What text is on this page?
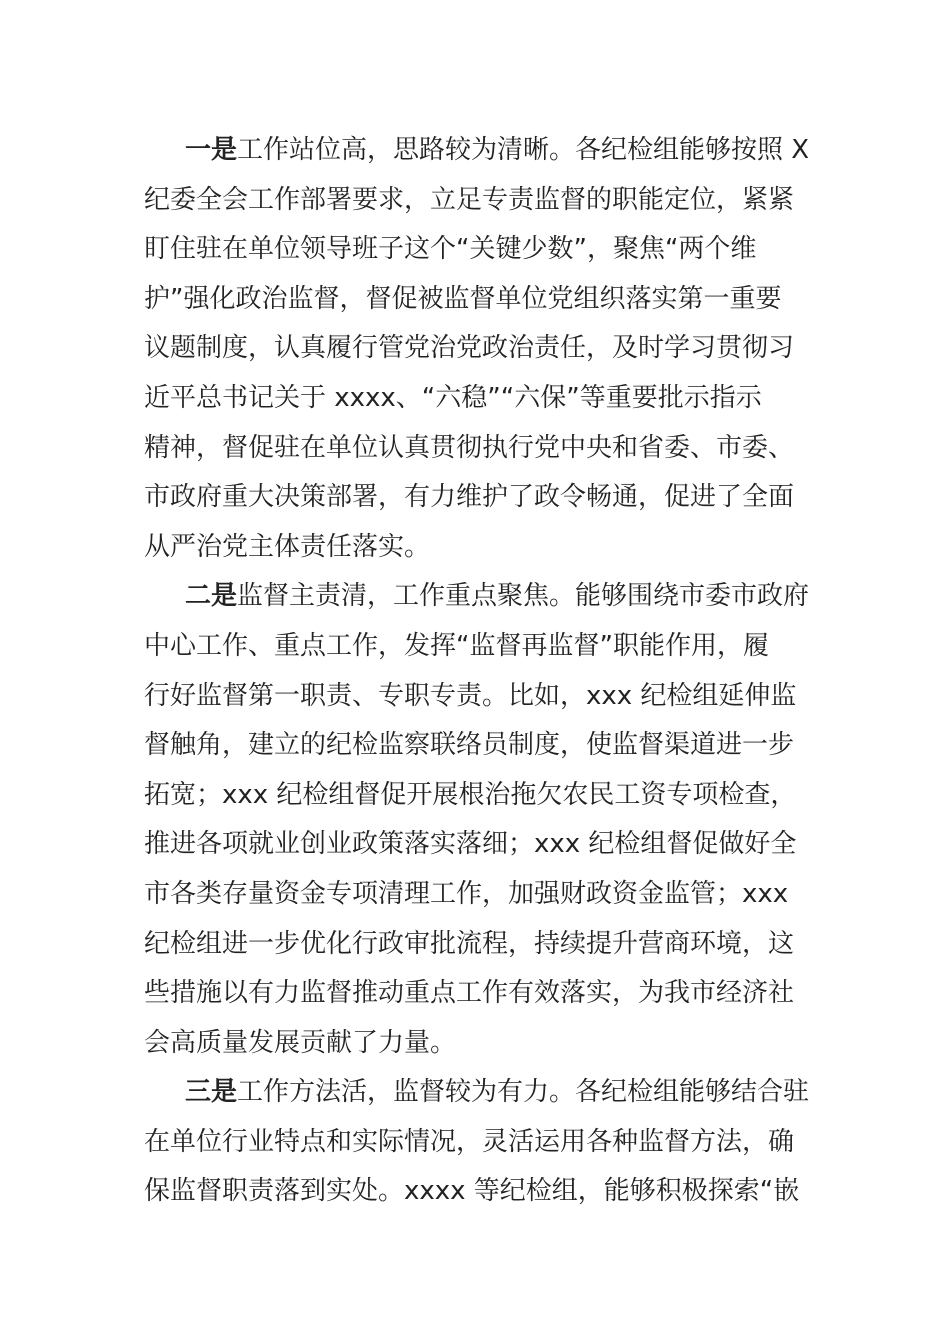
一是工作站位高，思路较为清晰。各纪检组能够按照 X
纪委全会工作部署要求，立足专责监督的职能定位，紧紧
盯住驻在单位领导班子这个“关键少数”，聚焦“两个维
护”强化政治监督，督促被监督单位党组织落实第一重要
议题制度，认真履行管党治党政治责任，及时学习贯彻习
近平总书记关于 xxxx、“六稳”“六保”等重要批示指示
精神，督促驻在单位认真贯彻执行党中央和省委、市委、
市政府重大决策部署，有力维护了政令畅通，促进了全面
从严治党主体责任落实。
二是监督主责清，工作重点聚焦。能够围绕市委市政府
中心工作、重点工作，发挥“监督再监督”职能作用，履
行好监督第一职责、专职专责。比如，xxx 纪检组延伸监
督触角，建立的纪检监察联络员制度，使监督渠道进一步
拓宽；xxx 纪检组督促开展根治拖欠农民工资专项检查，
推进各项就业创业政策落实落细；xxx 纪检组督促做好全
市各类存量资金专项清理工作，加强财政资金监管；xxx
纪检组进一步优化行政审批流程，持续提升营商环境，这
些措施以有力监督推动重点工作有效落实，为我市经济社
会高质量发展贡献了力量。
三是工作方法活，监督较为有力。各纪检组能够结合驻
在单位行业特点和实际情况，灵活运用各种监督方法，确
保监督职责落到实处。xxxx 等纪检组，能够积极探索“嵌
